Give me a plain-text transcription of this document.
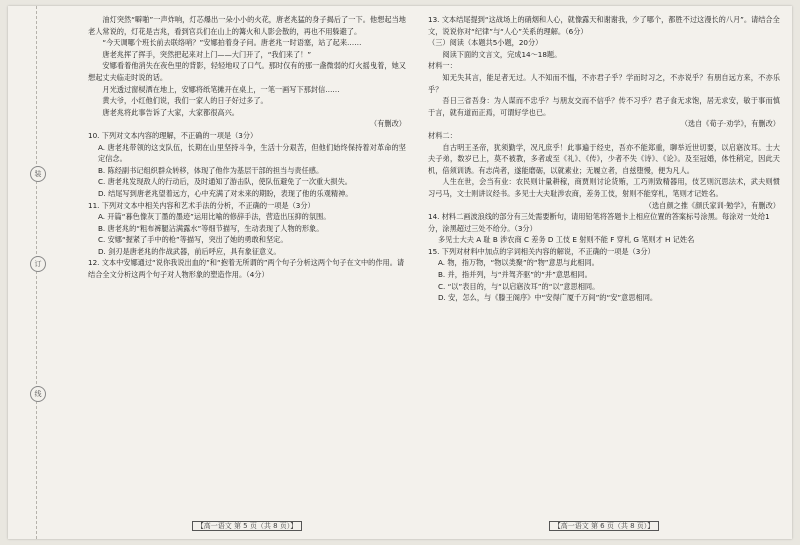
装
订
线

油灯突然“噼啪”一声炸响，灯芯爆出一朵小小的火花，唐老兆猛的身子揭后了一下。他想起当地老人常说的，灯花是吉兆，看到官兵们在山上的篝火和人影会散的，再也不用躲避了。

“今天调哪个班长前去联络哨？”安娜拍着身子问。唐老兆一时语塞，站了起来……

唐老兆挥了挥手，突然把起来对上门——大门开了，“我们来了！”

安娜看着他消失在夜色里的背影，轻轻地叹了口气。那时仅有的那一盏微弱的灯火摇曳着，她又想起丈夫临走时说的话。

月光透过窗棂洒在地上，安娜将纸笔摊开在桌上，一笔一画写下那封信……

黄大爷，小红他们说，我们一家人的日子好过多了。

唐老兆将此事告诉了大家，大家都很高兴。

（有删改）

10. 下列对文本内容的理解，不正确的一项是（3分）

A. 唐老兆带领的这支队伍，长期在山里坚持斗争，生活十分艰苦，但他们始终保持着对革命的坚定信念。

B. 陈经副书记组织群众转移，体现了他作为基层干部的担当与责任感。

C. 唐老兆发现敌人的行动后，及时通知了游击队，使队伍避免了一次重大损失。

D. 结尾写到唐老兆望着远方，心中充满了对未来的期盼，表现了他的乐观精神。

11. 下列对文本中相关内容和艺术手法的分析，不正确的一项是（3分）

A. 开篇“暮色像灰丁墨的墨迹”运用比喻的修辞手法，营造出压抑的氛围。

B. 唐老兆的“粗布裤腿沾满露水”等细节描写，生动表现了人物的形象。

C. 安娜“握紧了手中的枪”等描写，突出了她的勇敢和坚定。

D. 剑刃是唐老兆的作战武器，前后呼应，具有象征意义。

12. 文本中安娜通过“说你我说出血的”和“抱着无所谓的”两个句子分析这两个句子在文中的作用。请结合全文分析这两个句子对人物形象的塑造作用。（4分）

【高一语文 第 5 页（共 8 页）】

13. 文本结尾提到“这战场上的硝烟和人心，就像露天和谢谢我，少了哪个，都胜不过这漫长的八月”。请结合全文，说说你对“纪律”与“人心”关系的理解。（6分）

（三）阅读（本题共5小题，20分）

阅读下面的文言文，完成14～18题。

材料一：

知无失其言，能足者无过。人不知而不愠，不亦君子乎？学而时习之，不亦说乎？有朋自远方来，不亦乐乎？

吾日三省吾身：为人谋而不忠乎？与朋友交而不信乎？传不习乎？君子食无求饱，居无求安，敏于事而慎于言，就有道而正焉，可谓好学也已。

（选自《荀子·劝学》，有删改）

材料二：

自古明王圣帝，犹须勤学，况凡庶乎！此事遍于经史，吾亦不能郑重，聊举近世切要，以启寤汝耳。士大夫子弟，数岁已上，莫不被教，多者或至《礼》、《传》，少者不失《诗》、《论》。及至冠婚，体性稍定，因此天机，倍须训诱。有志尚者，遂能磨砺，以就素业；无履立者，自兹堕慢，便为凡人。

人生在世，会当有业：农民则计量耕稼，商贾则讨论货贿，工巧则致精器用，伎艺则沉思法术，武夫则惯习弓马，文士则讲议经书。多见士大夫耻涉农商，差务工伎，射则不能穿札，笔则才记姓名。

（选自颜之推《颜氏家训·勉学》，有删改）

14. 材料二画波浪线的部分有三处需要断句，请用铅笔将答题卡上相应位置的答案标号涂黑。每涂对一处给1分，涂黑超过三处不给分。（3分）

多见士大夫 A 耻 B 涉农商 C 差务 D 工伎 E 射则不能 F 穿札 G 笔则才 H 记姓名

15. 下列对材料中加点的字词相关内容的解说，不正确的一项是（3分）

A. 物，指万物，“物以类聚”的“物”意思与此相同。

B. 并，指并列，与“并驾齐驱”的“并”意思相同。

C. “以”表目的，与“以启寤汝耳”的“以”意思相同。

D. 安，怎么，与《滕王阁序》中“安得广厦千万间”的“安”意思相同。

【高一语文 第 6 页（共 8 页）】
